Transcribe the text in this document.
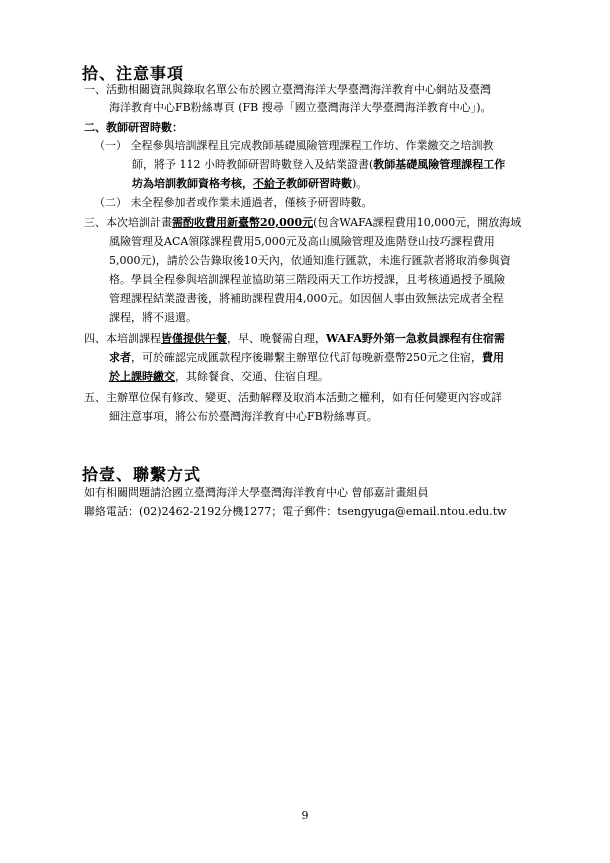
拾、注意事項
一、活動相關資訊與錄取名單公布於國立臺灣海洋大學臺灣海洋教育中心網站及臺灣
海洋教育中心FB粉絲專頁 (FB 搜尋「國立臺灣海洋大學臺灣海洋教育中心」)。
二、教師研習時數：
（一） 全程參與培訓課程且完成教師基礎風險管理課程工作坊、作業繳交之培訓教
師，將予 112 小時教師研習時數登入及結業證書(教師基礎風險管理課程工作
坊為培訓教師資格考核，不給予教師研習時數)。
（二） 未全程參加者或作業未通過者，僅核予研習時數。
三、本次培訓計畫需酌收費用新臺幣20,000元(包含WAFA課程費用10,000元，開放海域
風險管理及ACA領隊課程費用5,000元及高山風險管理及進階登山技巧課程費用
5,000元)，請於公告錄取後10天內，依通知進行匯款，未進行匯款者將取消參與資
格。學員全程參與培訓課程並協助第三階段兩天工作坊授課，且考核通過授予風險
管理課程結業證書後，將補助課程費用4,000元。如因個人事由致無法完成者全程
課程，將不退還。
四、本培訓課程皆僅提供午餐，早、晚餐需自理，WAFA野外第一急救員課程有住宿需
求者，可於確認完成匯款程序後聯繫主辦單位代訂每晚新臺幣250元之住宿，費用
於上課時繳交，其餘餐食、交通、住宿自理。
五、主辦單位保有修改、變更、活動解釋及取消本活動之權利，如有任何變更內容或詳
細注意事項，將公布於臺灣海洋教育中心FB粉絲專頁。
拾壹、聯繫方式
如有相關問題請洽國立臺灣海洋大學臺灣海洋教育中心 曾郁嘉計畫組員
聯絡電話：(02)2462-2192分機1277；電子郵件：tsengyuga@email.ntou.edu.tw
9
